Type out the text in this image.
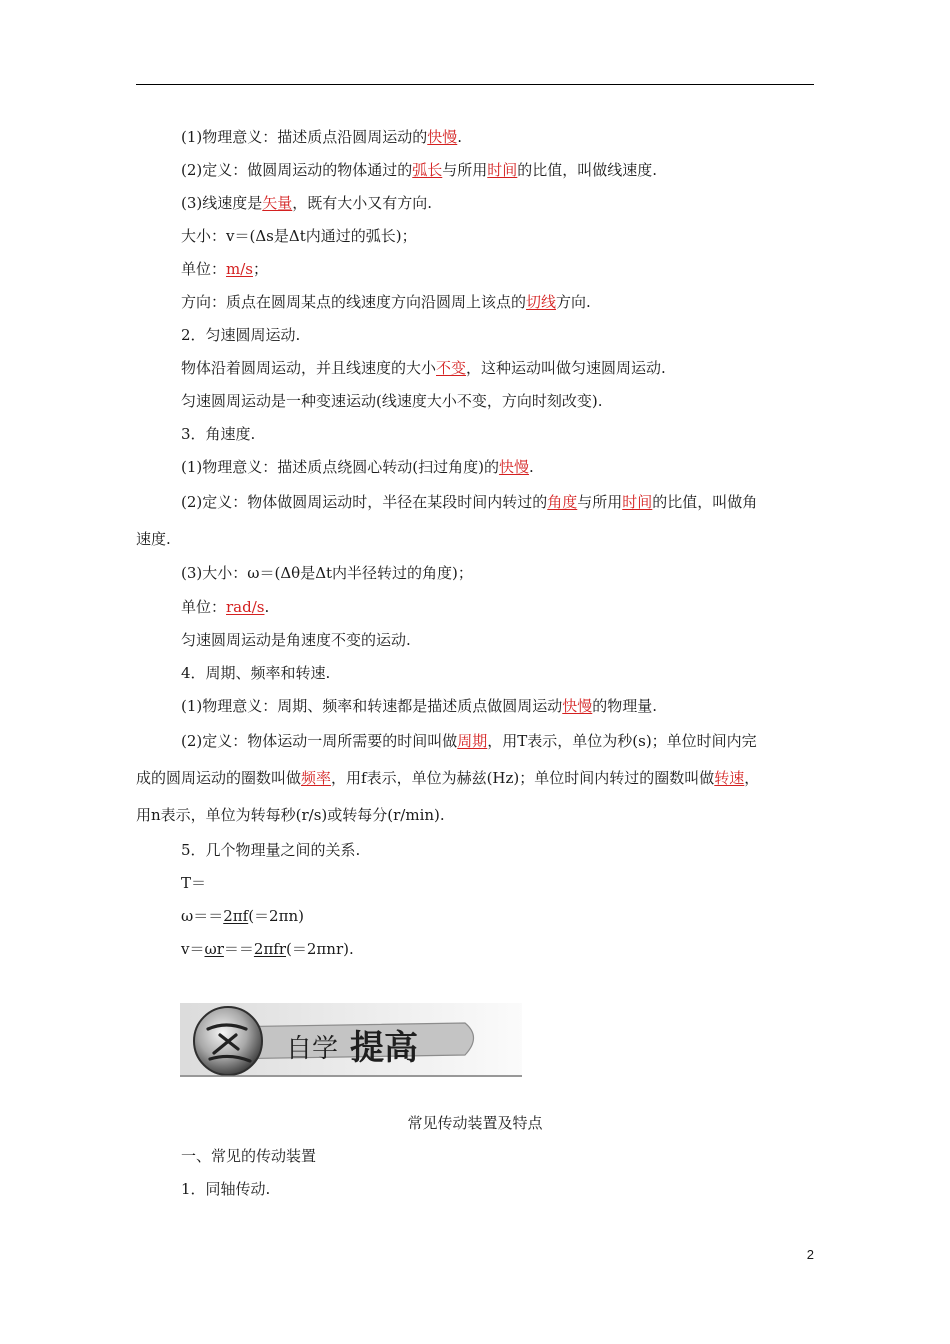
(1)物理意义：描述质点沿圆周运动的快慢.
(2)定义：做圆周运动的物体通过的弧长与所用时间的比值，叫做线速度.
(3)线速度是矢量，既有大小又有方向.
大小：v＝(Δs是Δt内通过的弧长)；
单位：m/s；
方向：质点在圆周某点的线速度方向沿圆周上该点的切线方向.
2．匀速圆周运动.
物体沿着圆周运动，并且线速度的大小不变，这种运动叫做匀速圆周运动.
匀速圆周运动是一种变速运动(线速度大小不变，方向时刻改变).
3．角速度.
(1)物理意义：描述质点绕圆心转动(扫过角度)的快慢.
(2)定义：物体做圆周运动时，半径在某段时间内转过的角度与所用时间的比值，叫做角
速度.
(3)大小：ω＝(Δθ是Δt内半径转过的角度)；
单位：rad/s.
匀速圆周运动是角速度不变的运动.
4．周期、频率和转速.
(1)物理意义：周期、频率和转速都是描述质点做圆周运动快慢的物理量.
(2)定义：物体运动一周所需要的时间叫做周期，用T表示，单位为秒(s)；单位时间内完
成的圆周运动的圈数叫做频率，用f表示，单位为赫兹(Hz)；单位时间内转过的圈数叫做转速，
用n表示，单位为转每秒(r/s)或转每分(r/min).
5．几个物理量之间的关系.
T＝
ω＝＝2πf(＝2πn)
v＝ωr＝＝2πfr(＝2πnr).
自学 提高
常见传动装置及特点
一、常见的传动装置
1．同轴传动.
2
